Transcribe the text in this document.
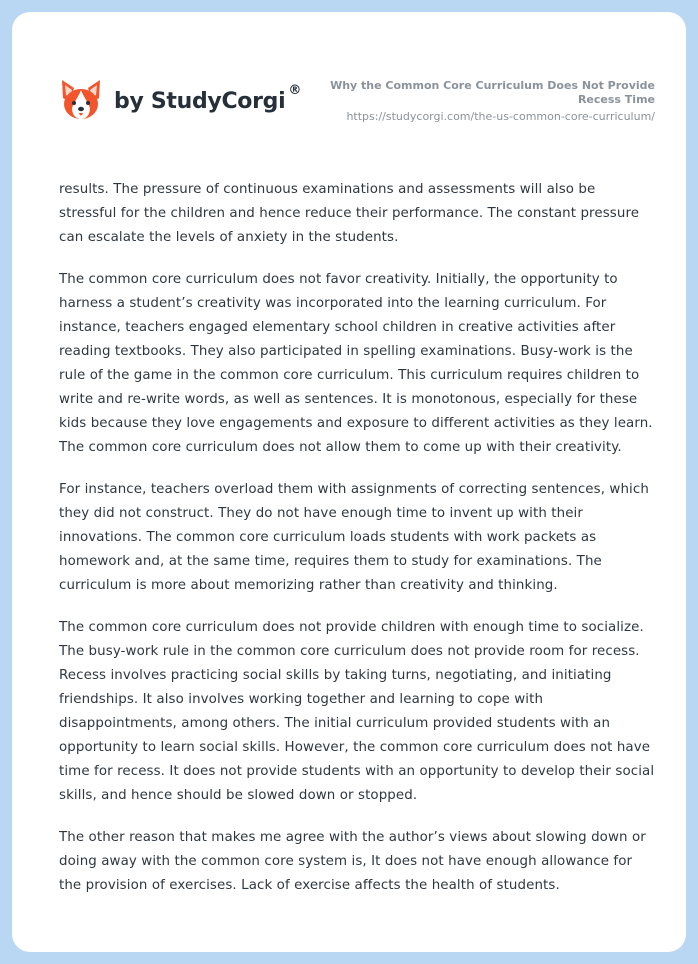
by StudyCorgi ®	Why the Common Core Curriculum Does Not Provide Recess Time
https://studycorgi.com/the-us-common-core-curriculum/

results. The pressure of continuous examinations and assessments will also be stressful for the children and hence reduce their performance. The constant pressure can escalate the levels of anxiety in the students.

The common core curriculum does not favor creativity. Initially, the opportunity to harness a student’s creativity was incorporated into the learning curriculum. For instance, teachers engaged elementary school children in creative activities after reading textbooks. They also participated in spelling examinations. Busy-work is the rule of the game in the common core curriculum. This curriculum requires children to write and re-write words, as well as sentences. It is monotonous, especially for these kids because they love engagements and exposure to different activities as they learn. The common core curriculum does not allow them to come up with their creativity.

For instance, teachers overload them with assignments of correcting sentences, which they did not construct. They do not have enough time to invent up with their innovations. The common core curriculum loads students with work packets as homework and, at the same time, requires them to study for examinations. The curriculum is more about memorizing rather than creativity and thinking.

The common core curriculum does not provide children with enough time to socialize. The busy-work rule in the common core curriculum does not provide room for recess. Recess involves practicing social skills by taking turns, negotiating, and initiating friendships. It also involves working together and learning to cope with disappointments, among others. The initial curriculum provided students with an opportunity to learn social skills. However, the common core curriculum does not have time for recess. It does not provide students with an opportunity to develop their social skills, and hence should be slowed down or stopped.

The other reason that makes me agree with the author’s views about slowing down or doing away with the common core system is, It does not have enough allowance for the provision of exercises. Lack of exercise affects the health of students.
